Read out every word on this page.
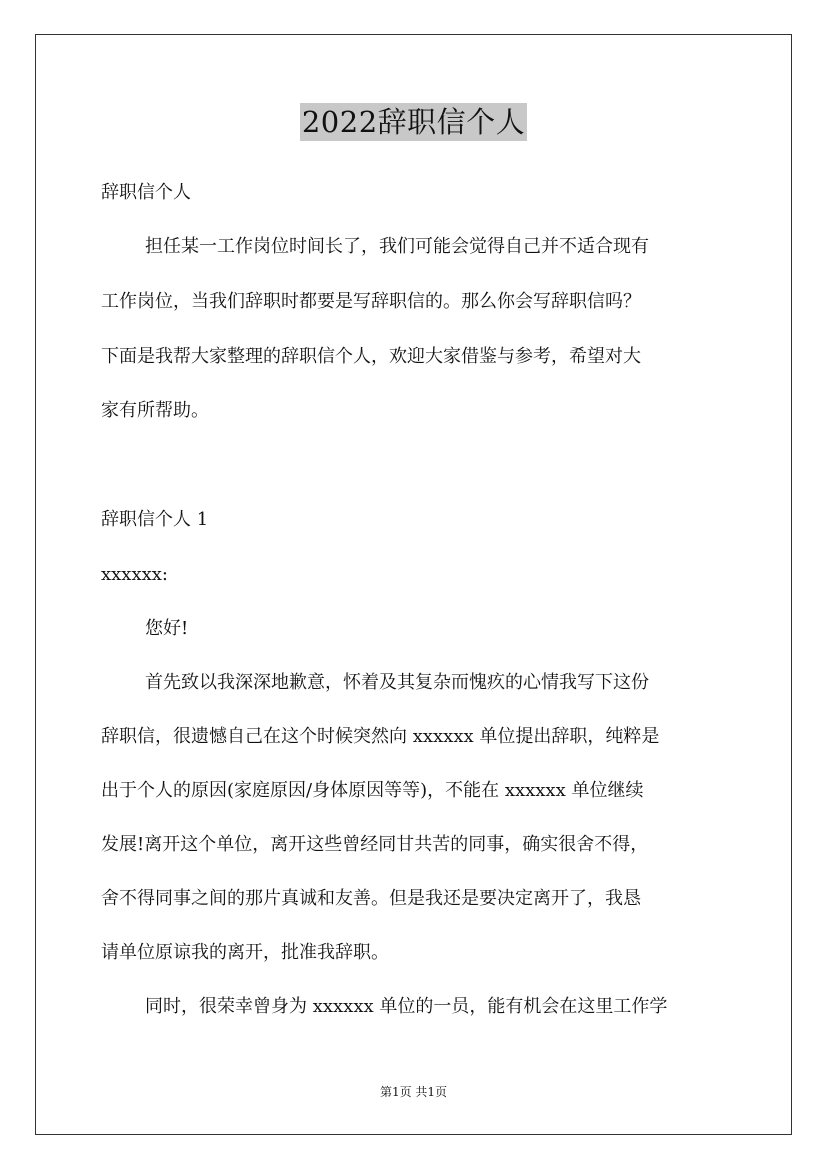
2022辞职信个人
辞职信个人
担任某一工作岗位时间长了，我们可能会觉得自己并不适合现有
工作岗位，当我们辞职时都要是写辞职信的。那么你会写辞职信吗？
下面是我帮大家整理的辞职信个人，欢迎大家借鉴与参考，希望对大
家有所帮助。
辞职信个人 1
xxxxxx:
您好!
首先致以我深深地歉意，怀着及其复杂而愧疚的心情我写下这份
辞职信，很遗憾自己在这个时候突然向 xxxxxx 单位提出辞职，纯粹是
出于个人的原因(家庭原因/身体原因等等)，不能在 xxxxxx 单位继续
发展!离开这个单位，离开这些曾经同甘共苦的同事，确实很舍不得，
舍不得同事之间的那片真诚和友善。但是我还是要决定离开了，我恳
请单位原谅我的离开，批准我辞职。
同时，很荣幸曾身为 xxxxxx 单位的一员，能有机会在这里工作学
第1页 共1页
